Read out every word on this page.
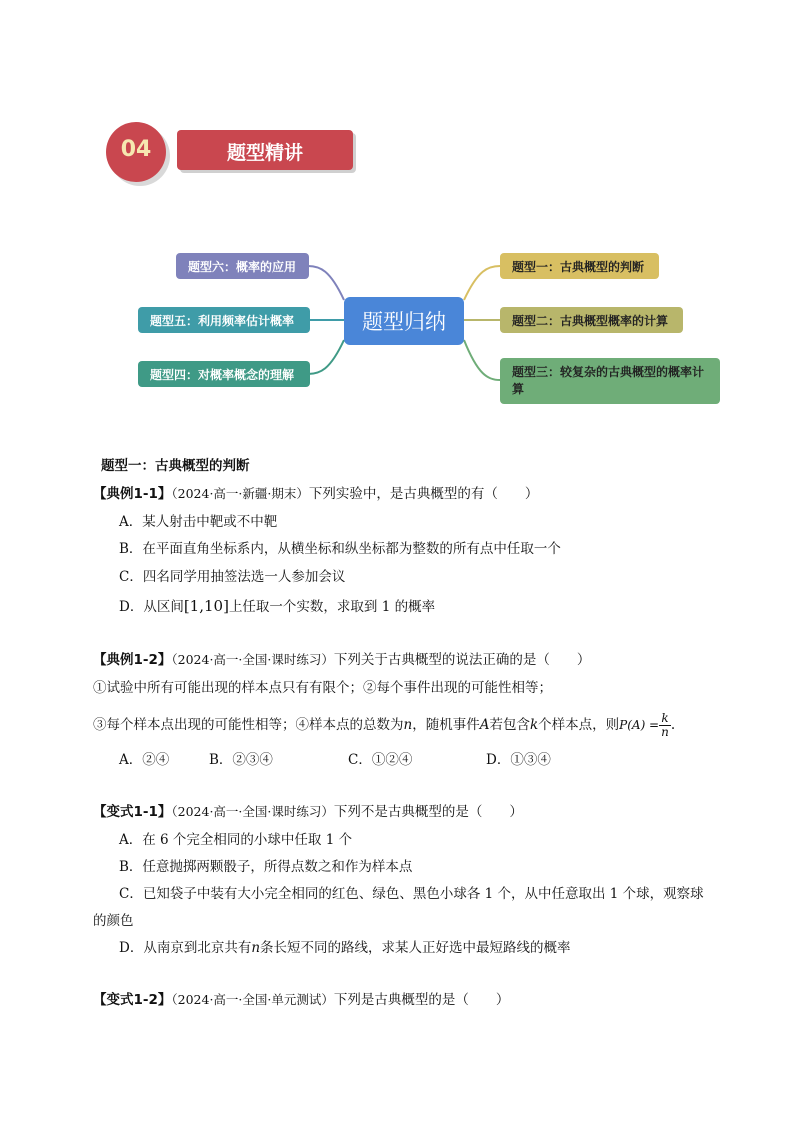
04	题型精讲
题型归纳
题型六：概率的应用
题型五：利用频率估计概率
题型四：对概率概念的理解
题型一：古典概型的判断
题型二：古典概型概率的计算
题型三：较复杂的古典概型的概率计
算
题型一：古典概型的判断
【典例1-1】（2024·高一·新疆·期末）下列实验中，是古典概型的有（　　）
A．某人射击中靶或不中靶
B．在平面直角坐标系内，从横坐标和纵坐标都为整数的所有点中任取一个
C．四名同学用抽签法选一人参加会议
D．从区间[1,10]上任取一个实数，求取到 1 的概率
【典例1-2】（2024·高一·全国·课时练习）下列关于古典概型的说法正确的是（　　）
①试验中所有可能出现的样本点只有有限个；②每个事件出现的可能性相等；
③每个样本点出现的可能性相等；④样本点的总数为 n ，随机事件 A 若包含 k 个样本点，则 $P(A) = \frac{k}{n}$ .
A．②④	B．②③④	C．①②④	D．①③④
【变式1-1】（2024·高一·全国·课时练习）下列不是古典概型的是（　　）
A．在 6 个完全相同的小球中任取 1 个
B．任意抛掷两颗骰子，所得点数之和作为样本点
C．已知袋子中装有大小完全相同的红色、绿色、黑色小球各 1 个，从中任意取出 1 个球，观察球
的颜色
D．从南京到北京共有n条长短不同的路线，求某人正好选中最短路线的概率
【变式1-2】（2024·高一·全国·单元测试）下列是古典概型的是（　　）
